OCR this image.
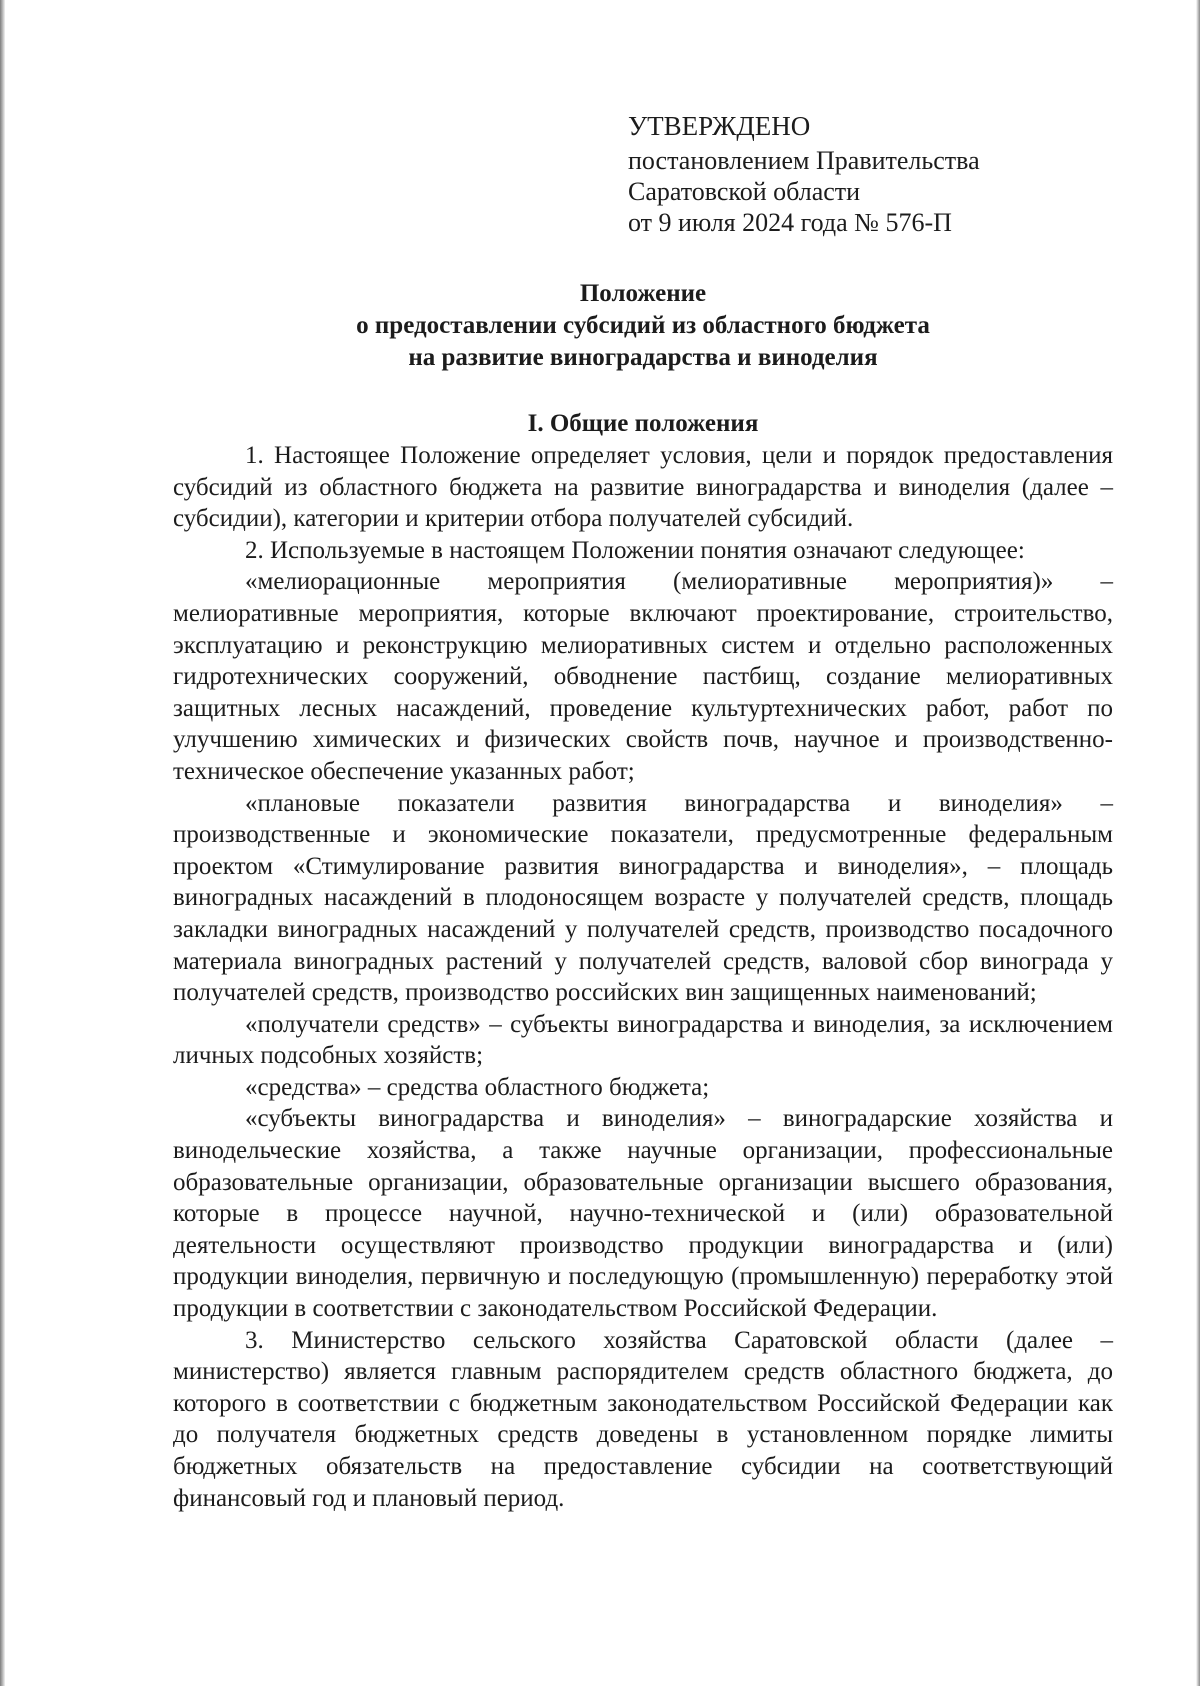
УТВЕРЖДЕНО
постановлением Правительства
Саратовской области
от 9 июля 2024 года № 576-П
Положение
о предоставлении субсидий из областного бюджета
на развитие виноградарства и виноделия
I. Общие положения

1. Настоящее Положение определяет условия, цели и порядок предоставления субсидий из областного бюджета на развитие виноградарства и виноделия (далее – субсидии), категории и критерии отбора получателей субсидий.

2. Используемые в настоящем Положении понятия означают следующее:

«мелиорационные мероприятия (мелиоративные мероприятия)» – мелиоративные мероприятия, которые включают проектирование, строительство, эксплуатацию и реконструкцию мелиоративных систем и отдельно расположенных гидротехнических сооружений, обводнение пастбищ, создание мелиоративных защитных лесных насаждений, проведение культуртехнических работ, работ по улучшению химических и физических свойств почв, научное и производственно-техническое обеспечение указанных работ;

«плановые показатели развития виноградарства и виноделия» – производственные и экономические показатели, предусмотренные федеральным проектом «Стимулирование развития виноградарства и виноделия», – площадь виноградных насаждений в плодоносящем возрасте у получателей средств, площадь закладки виноградных насаждений у получателей средств, производство посадочного материала виноградных растений у получателей средств, валовой сбор винограда у получателей средств, производство российских вин защищенных наименований;

«получатели средств» – субъекты виноградарства и виноделия, за исключением личных подсобных хозяйств;

«средства» – средства областного бюджета;

«субъекты виноградарства и виноделия» – виноградарские хозяйства и винодельческие хозяйства, а также научные организации, профессиональные образовательные организации, образовательные организации высшего образования, которые в процессе научной, научно-технической и (или) образовательной деятельности осуществляют производство продукции виноградарства и (или) продукции виноделия, первичную и последующую (промышленную) переработку этой продукции в соответствии с законодательством Российской Федерации.

3. Министерство сельского хозяйства Саратовской области (далее – министерство) является главным распорядителем средств областного бюджета, до которого в соответствии с бюджетным законодательством Российской Федерации как до получателя бюджетных средств доведены в установленном порядке лимиты бюджетных обязательств на предоставление субсидии на соответствующий финансовый год и плановый период.
